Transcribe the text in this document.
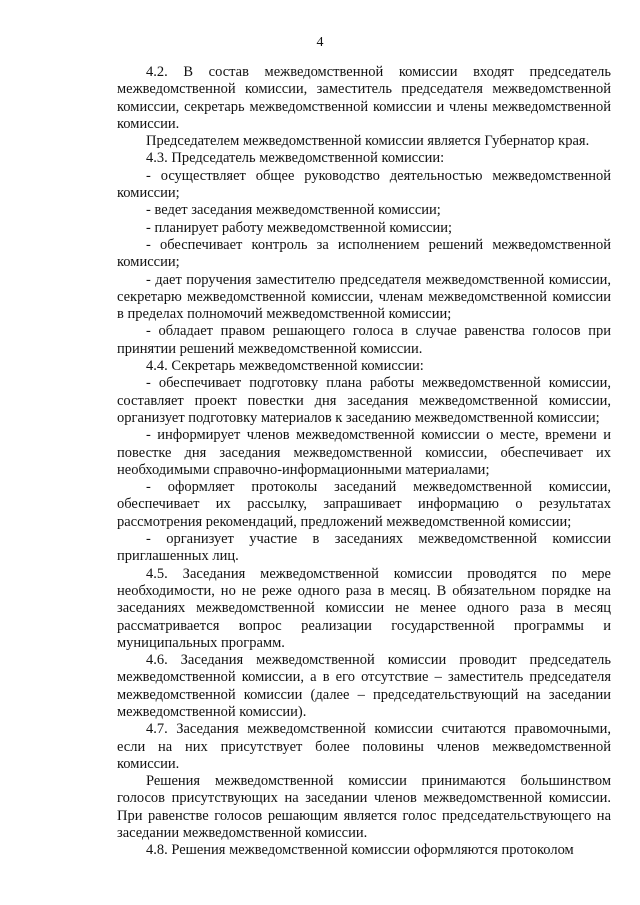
4

4.2. В состав межведомственной комиссии входят председатель межведомственной комиссии, заместитель председателя межведомственной комиссии, секретарь межведомственной комиссии и члены межведомственной комиссии.

Председателем межведомственной комиссии является Губернатор края.

4.3. Председатель межведомственной комиссии:

- осуществляет общее руководство деятельностью межведомственной комиссии;

- ведет заседания межведомственной комиссии;

- планирует работу межведомственной комиссии;

- обеспечивает контроль за исполнением решений межведомственной комиссии;

- дает поручения заместителю председателя межведомственной комиссии, секретарю межведомственной комиссии, членам межведомственной комиссии в пределах полномочий межведомственной комиссии;

- обладает правом решающего голоса в случае равенства голосов при принятии решений межведомственной комиссии.

4.4. Секретарь межведомственной комиссии:

- обеспечивает подготовку плана работы межведомственной комиссии, составляет проект повестки дня заседания межведомственной комиссии, организует подготовку материалов к заседанию межведомственной комиссии;

- информирует членов межведомственной комиссии о месте, времени и повестке дня заседания межведомственной комиссии, обеспечивает их необходимыми справочно-информационными материалами;

- оформляет протоколы заседаний межведомственной комиссии, обеспечивает их рассылку, запрашивает информацию о результатах рассмотрения рекомендаций, предложений межведомственной комиссии;

- организует участие в заседаниях межведомственной комиссии приглашенных лиц.

4.5. Заседания межведомственной комиссии проводятся по мере необходимости, но не реже одного раза в месяц. В обязательном порядке на заседаниях межведомственной комиссии не менее одного раза в месяц рассматривается вопрос реализации государственной программы и муниципальных программ.

4.6. Заседания межведомственной комиссии проводит председатель межведомственной комиссии, а в его отсутствие – заместитель председателя межведомственной комиссии (далее – председательствующий на заседании межведомственной комиссии).

4.7. Заседания межведомственной комиссии считаются правомочными, если на них присутствует более половины членов межведомственной комиссии.

Решения межведомственной комиссии принимаются большинством голосов присутствующих на заседании членов межведомственной комиссии. При равенстве голосов решающим является голос председательствующего на заседании межведомственной комиссии.

4.8. Решения межведомственной комиссии оформляются протоколом
